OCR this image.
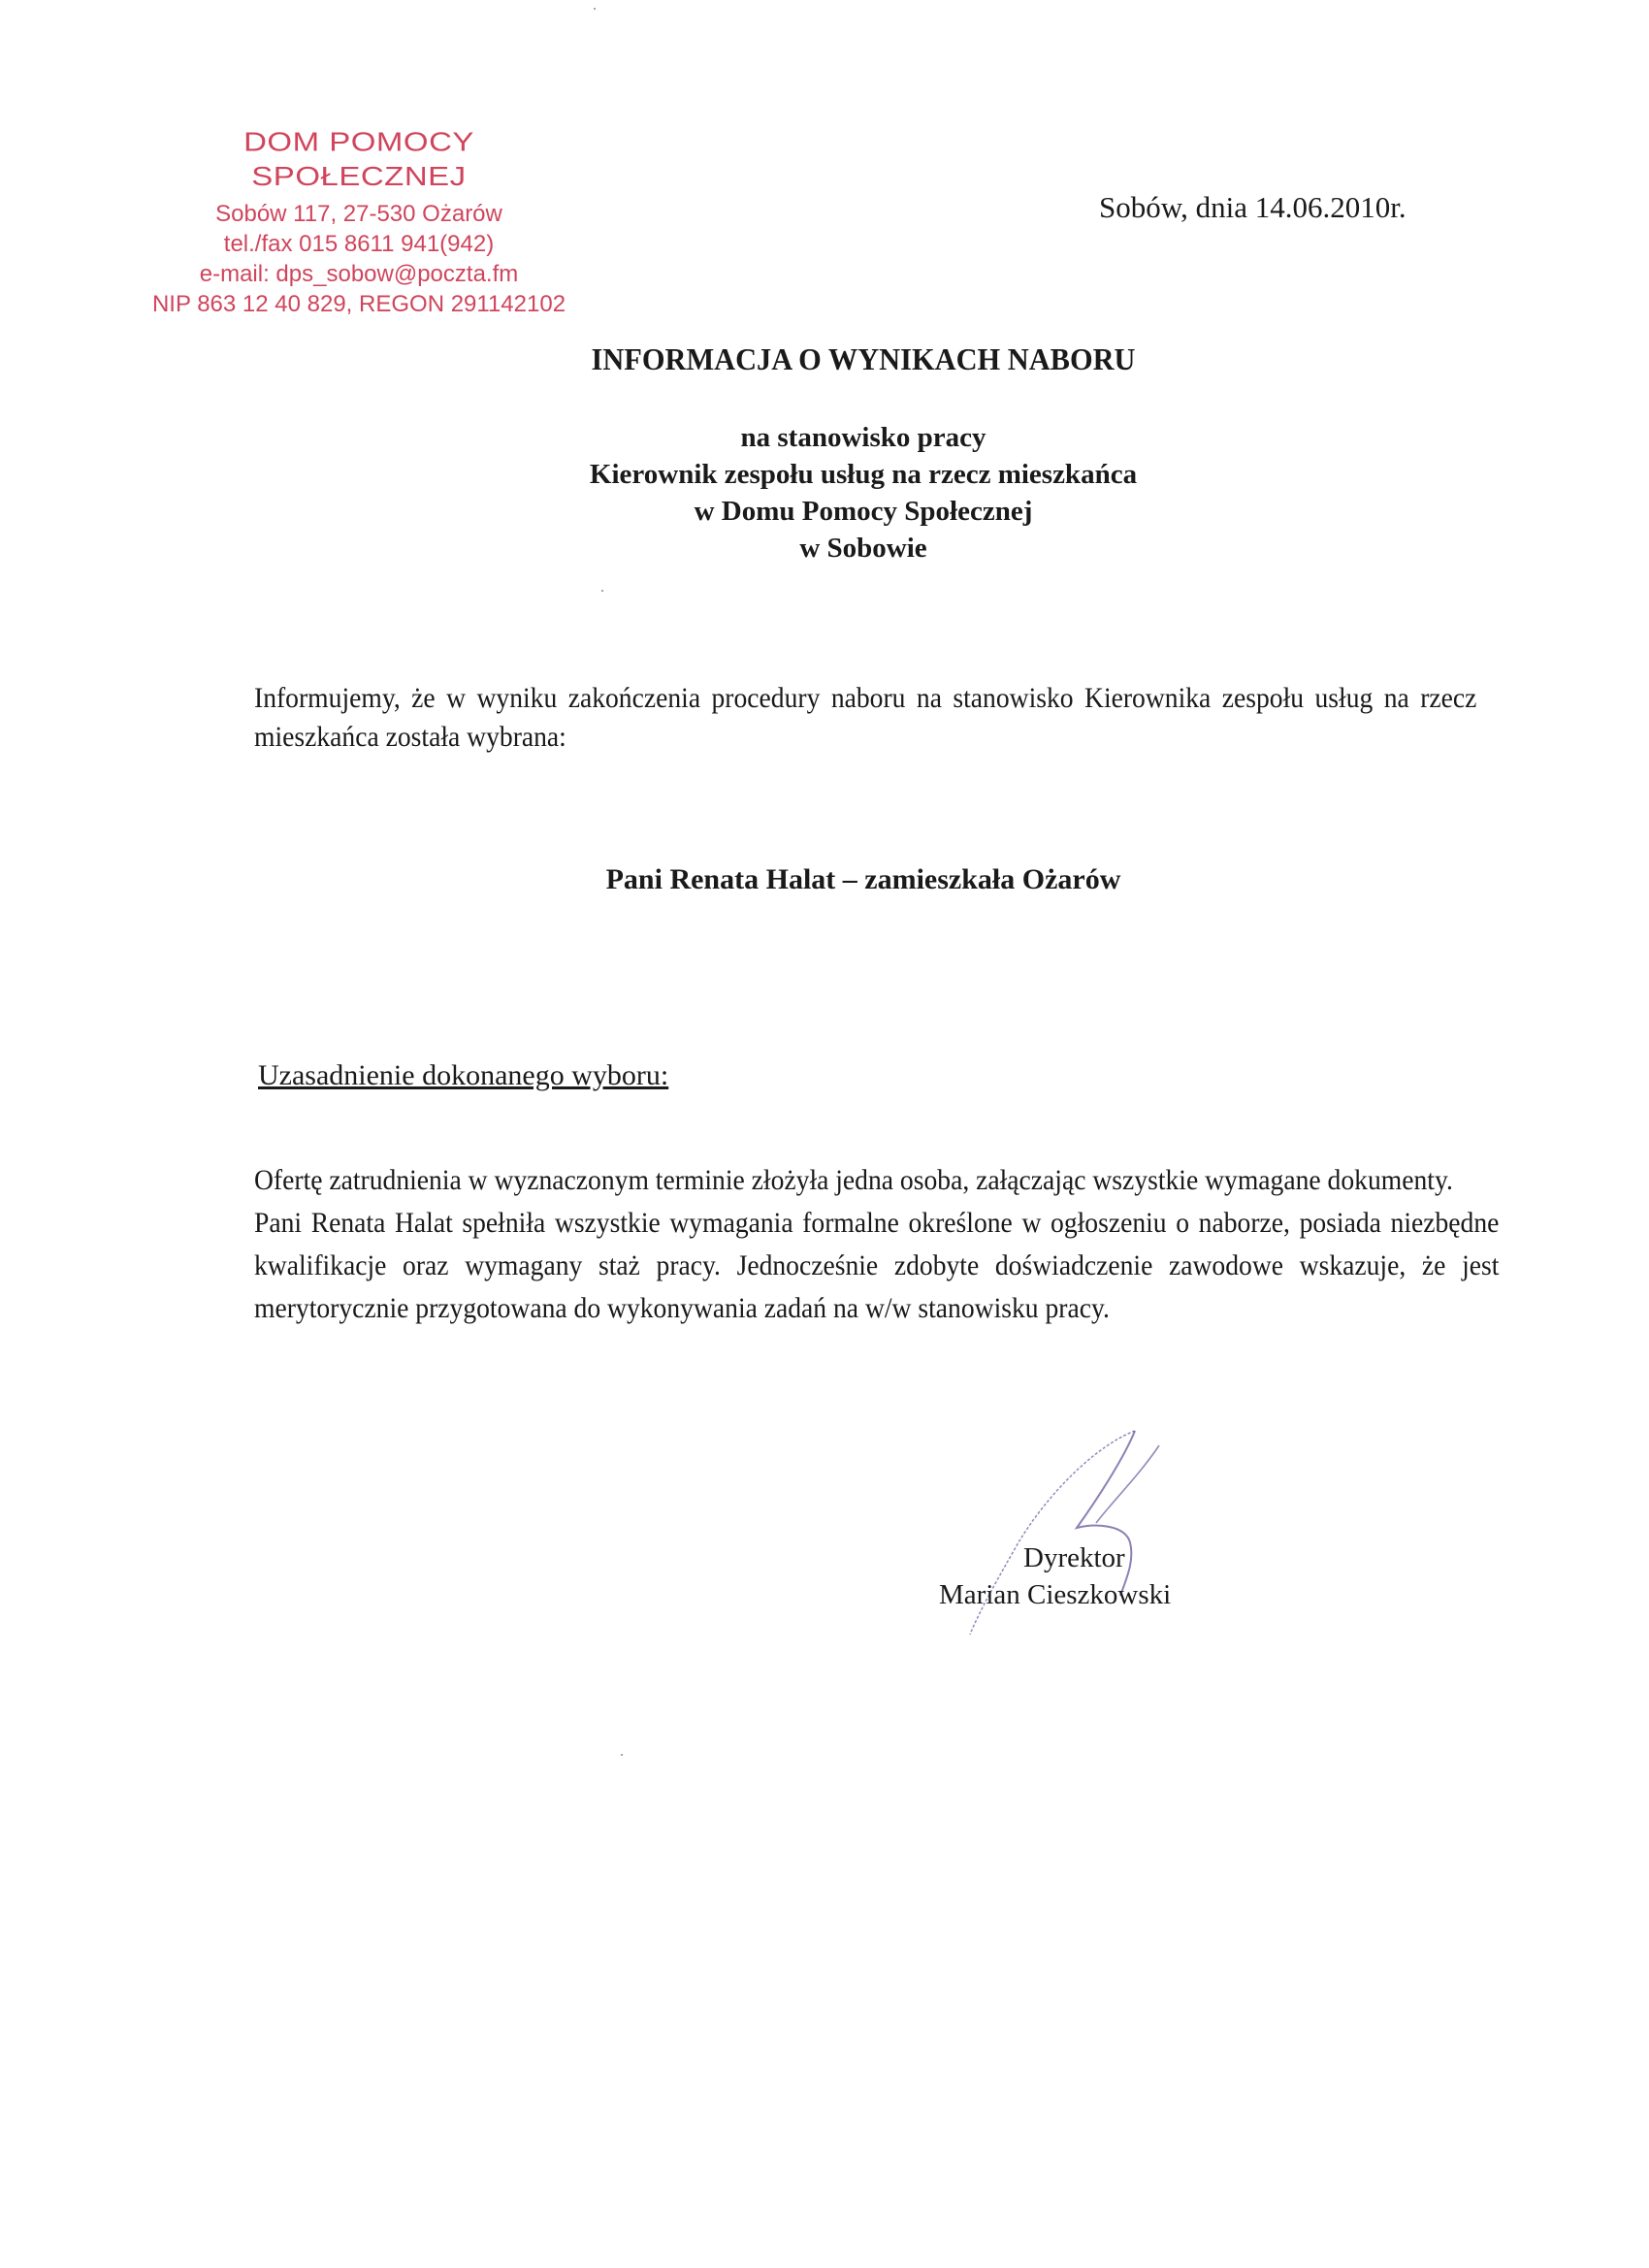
DOM POMOCY SPOŁECZNEJ
Sobów 117, 27-530 Ożarów
tel./fax 015 8611 941(942)
e-mail: dps_sobow@poczta.fm
NIP 863 12 40 829, REGON 291142102
Sobów, dnia 14.06.2010r.
INFORMACJA O WYNIKACH NABORU
na stanowisko pracy
Kierownik zespołu usług na rzecz mieszkańca
w Domu Pomocy Społecznej
w Sobowie
Informujemy, że w wyniku zakończenia procedury naboru na stanowisko Kierownika zespołu usług na rzecz mieszkańca została wybrana:
Pani Renata Halat – zamieszkała Ożarów
Uzasadnienie dokonanego wyboru:
Ofertę zatrudnienia w wyznaczonym terminie złożyła jedna osoba, załączając wszystkie wymagane dokumenty.
Pani Renata Halat spełniła wszystkie wymagania formalne określone w ogłoszeniu o naborze, posiada niezbędne kwalifikacje oraz wymagany staż pracy. Jednocześnie zdobyte doświadczenie zawodowe wskazuje, że jest merytorycznie przygotowana do wykonywania zadań na w/w stanowisku pracy.
Dyrektor
Marian Cieszkowski
